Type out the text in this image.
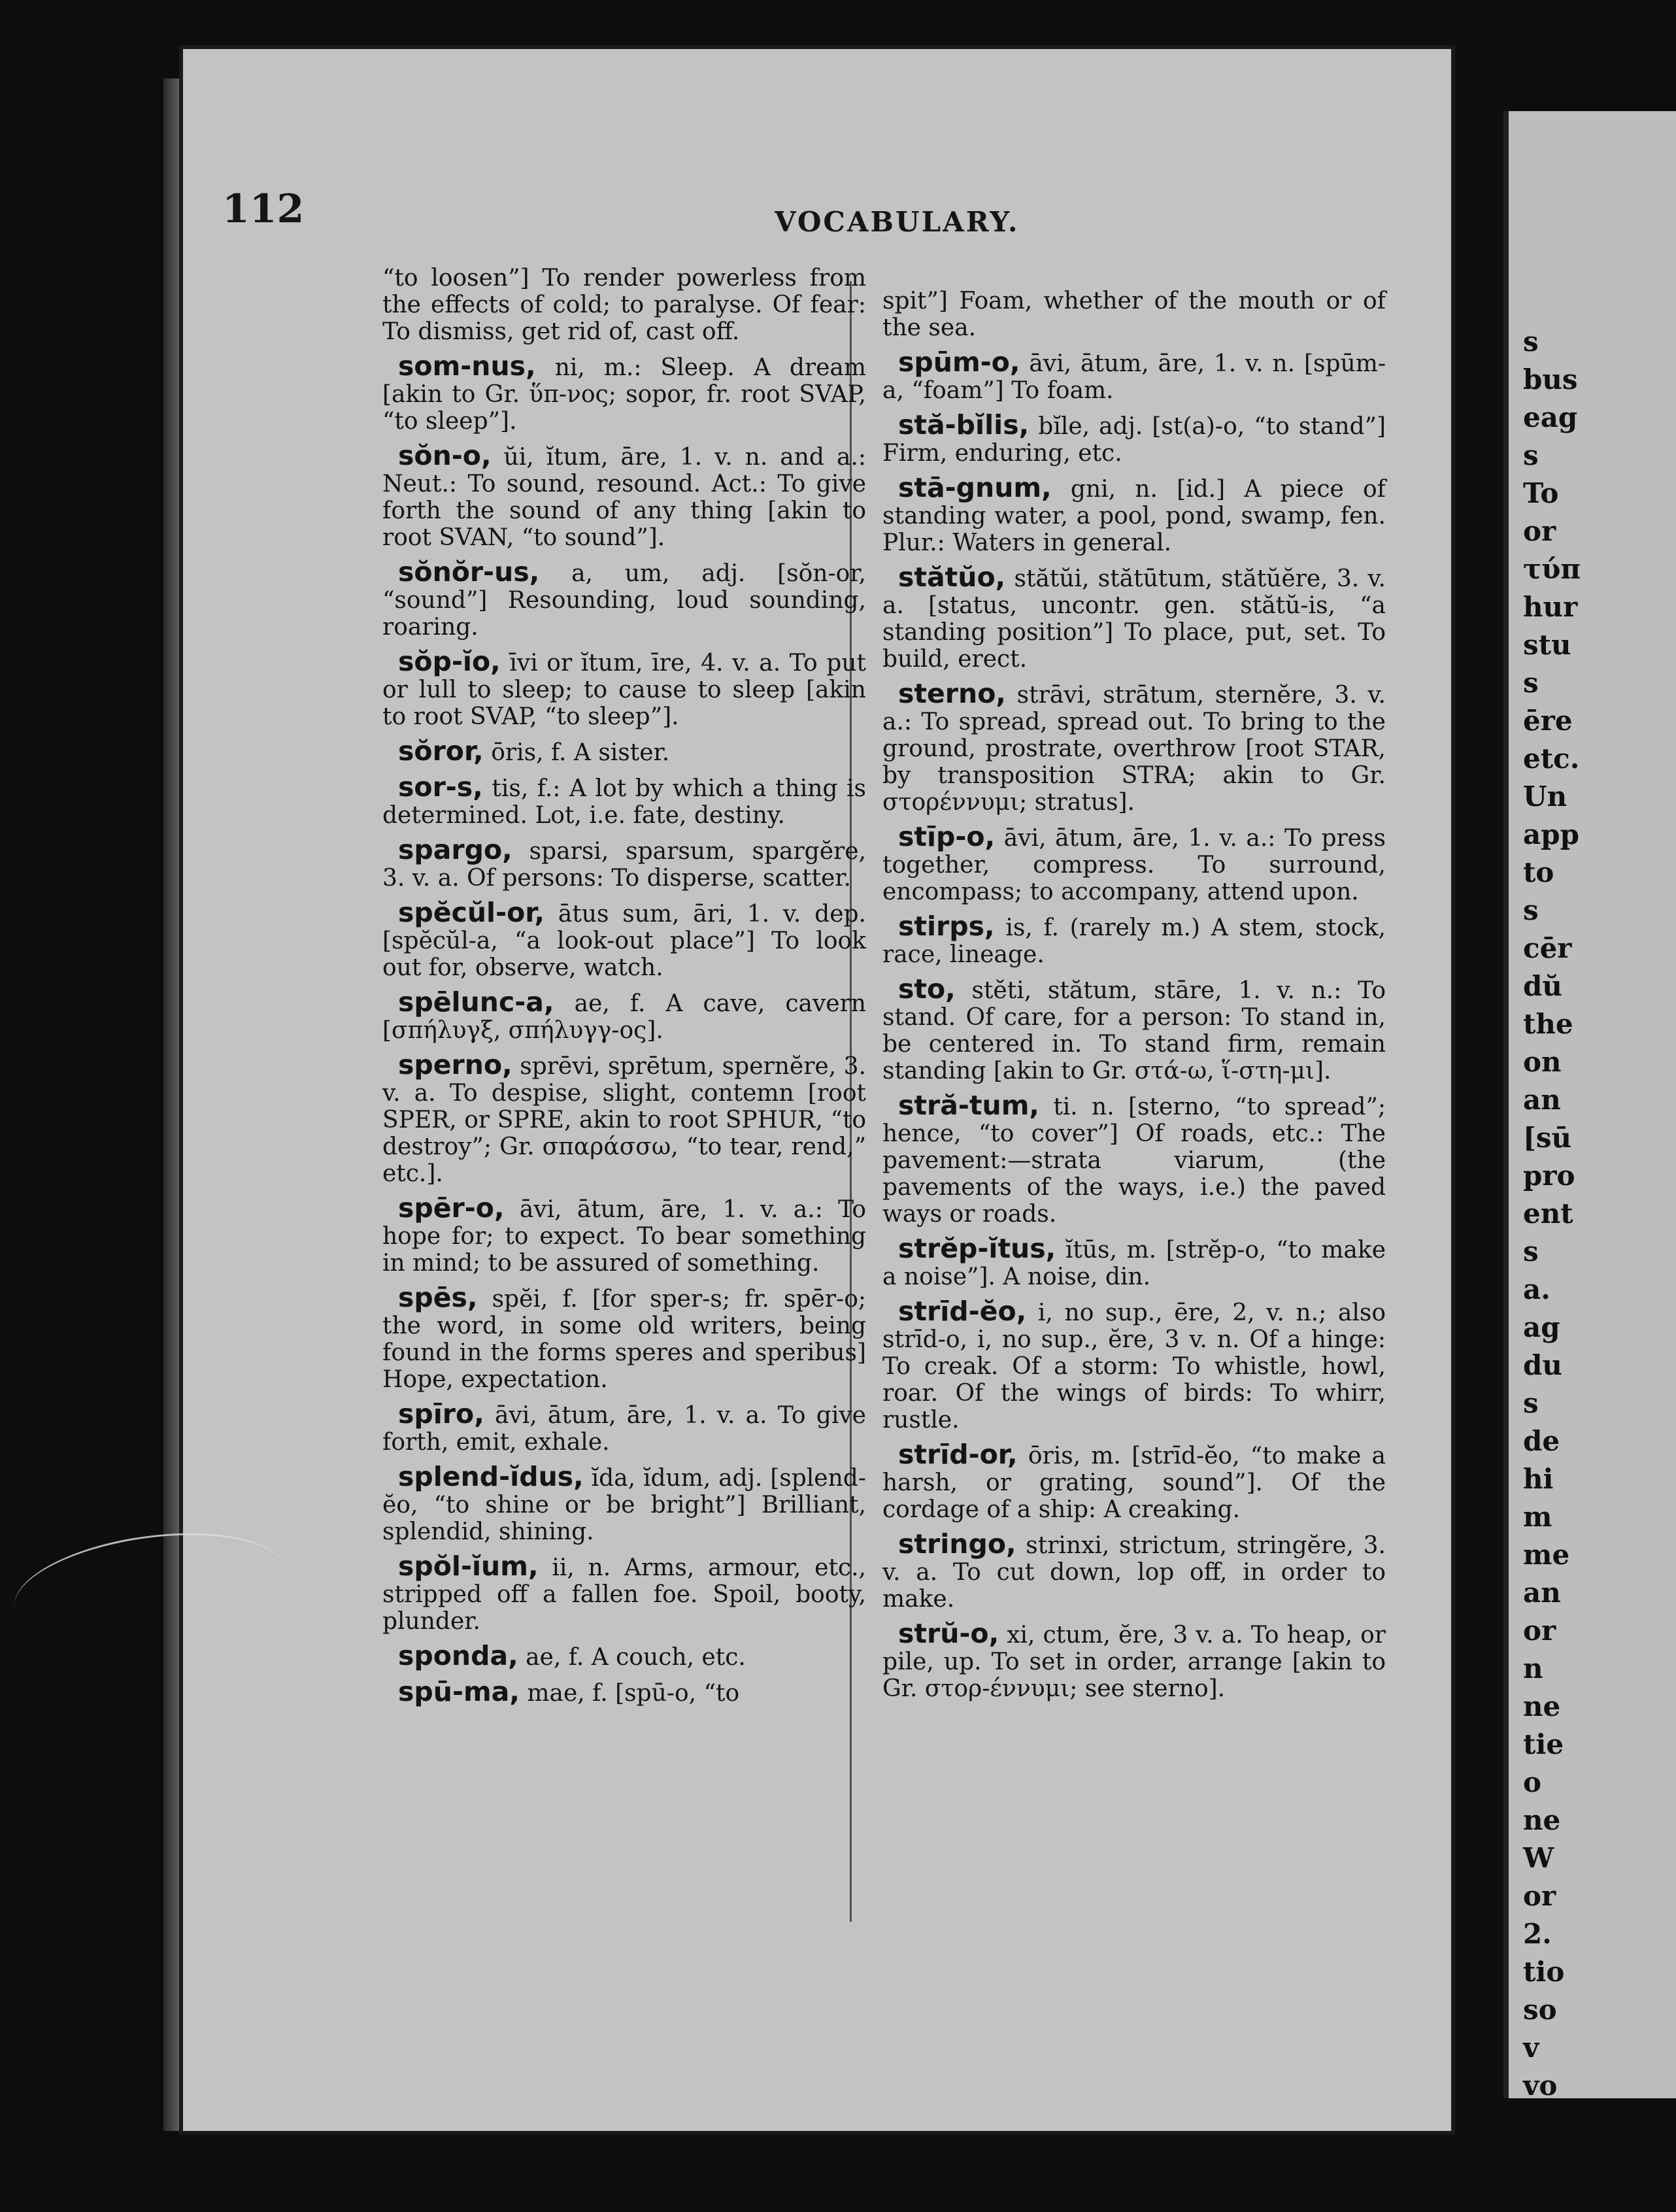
s
bus
eag
s
To
or
τύπ
hur
stu
s
ēre
etc.
Un
app
to
s
cēr
dŭ
the
on
an
[sū
pro
ent
s
a.
ag
du
s
de
hi
m
me
an
or
n
ne
tie
o
ne
W
or
2.
tio
so
v
vo
112	VOCABULARY.

“to loosen”] To render powerless from the effects of cold; to paralyse. Of fear: To dismiss, get rid of, cast off.

som-nus, ni, m.: Sleep. A dream [akin to Gr. ὕπ-νος; sopor, fr. root SVAP, “to sleep”].

sŏn-o, ŭi, ĭtum, āre, 1. v. n. and a.: Neut.: To sound, resound. Act.: To give forth the sound of any thing [akin to root SVAN, “to sound”].

sŏnŏr-us, a, um, adj. [sŏn-or, “sound”] Resounding, loud sounding, roaring.

sŏp-ĭo, īvi or ĭtum, īre, 4. v. a. To put or lull to sleep; to cause to sleep [akin to root SVAP, “to sleep”].

sŏror, ōris, f. A sister.

sor-s, tis, f.: A lot by which a thing is determined. Lot, i.e. fate, destiny.

spargo, sparsi, sparsum, spargĕre, 3. v. a. Of persons: To disperse, scatter.

spĕcŭl-or, ātus sum, āri, 1. v. dep. [spĕcŭl-a, “a look-out place”] To look out for, observe, watch.

spēlunc-a, ae, f. A cave, cavern [σπήλυγξ, σπήλυγγ-ος].

sperno, sprēvi, sprētum, spernĕre, 3. v. a. To despise, slight, contemn [root SPER, or SPRE, akin to root SPHUR, “to destroy”; Gr. σπαράσσω, “to tear, rend,” etc.].

spēr-o, āvi, ātum, āre, 1. v. a.: To hope for; to expect. To bear something in mind; to be assured of something.

spēs, spĕi, f. [for sper-s; fr. spēr-o; the word, in some old writers, being found in the forms speres and speribus] Hope, expectation.

spīro, āvi, ātum, āre, 1. v. a. To give forth, emit, exhale.

splend-ĭdus, ĭda, ĭdum, adj. [splend-ĕo, “to shine or be bright”] Brilliant, splendid, shining.

spŏl-ĭum, ii, n. Arms, armour, etc., stripped off a fallen foe. Spoil, booty, plunder.

sponda, ae, f. A couch, etc.

spū-ma, mae, f. [spū-o, “to

spit”] Foam, whether of the mouth or of the sea.

spūm-o, āvi, ātum, āre, 1. v. n. [spūm-a, “foam”] To foam.

stă-bĭlis, bĭle, adj. [st(a)-o, “to stand”] Firm, enduring, etc.

stā-gnum, gni, n. [id.] A piece of standing water, a pool, pond, swamp, fen. Plur.: Waters in general.

stătŭo, stătŭi, stătūtum, stătŭĕre, 3. v. a. [status, uncontr. gen. stătŭ-is, “a standing position”] To place, put, set. To build, erect.

sterno, strāvi, strātum, sternĕre, 3. v. a.: To spread, spread out. To bring to the ground, prostrate, overthrow [root STAR, by transposition STRA; akin to Gr. στορέννυμι; stratus].

stīp-o, āvi, ātum, āre, 1. v. a.: To press together, compress. To surround, encompass; to accompany, attend upon.

stirps, is, f. (rarely m.) A stem, stock, race, lineage.

sto, stĕti, stătum, stāre, 1. v. n.: To stand. Of care, for a person: To stand in, be centered in. To stand firm, remain standing [akin to Gr. στά-ω, ἵ-στη-μι].

stră-tum, ti. n. [sterno, “to spread”; hence, “to cover”] Of roads, etc.: The pavement:—strata viarum, (the pavements of the ways, i.e.) the paved ways or roads.

strĕp-ĭtus, ĭtūs, m. [strĕp-o, “to make a noise”]. A noise, din.

strīd-ĕo, i, no sup., ēre, 2, v. n.; also strīd-o, i, no sup., ĕre, 3 v. n. Of a hinge: To creak. Of a storm: To whistle, howl, roar. Of the wings of birds: To whirr, rustle.

strīd-or, ōris, m. [strīd-ĕo, “to make a harsh, or grating, sound”]. Of the cordage of a ship: A creaking.

stringo, strinxi, strictum, stringĕre, 3. v. a. To cut down, lop off, in order to make.

strŭ-o, xi, ctum, ĕre, 3 v. a. To heap, or pile, up. To set in order, arrange [akin to Gr. στορ-έννυμι; see sterno].
